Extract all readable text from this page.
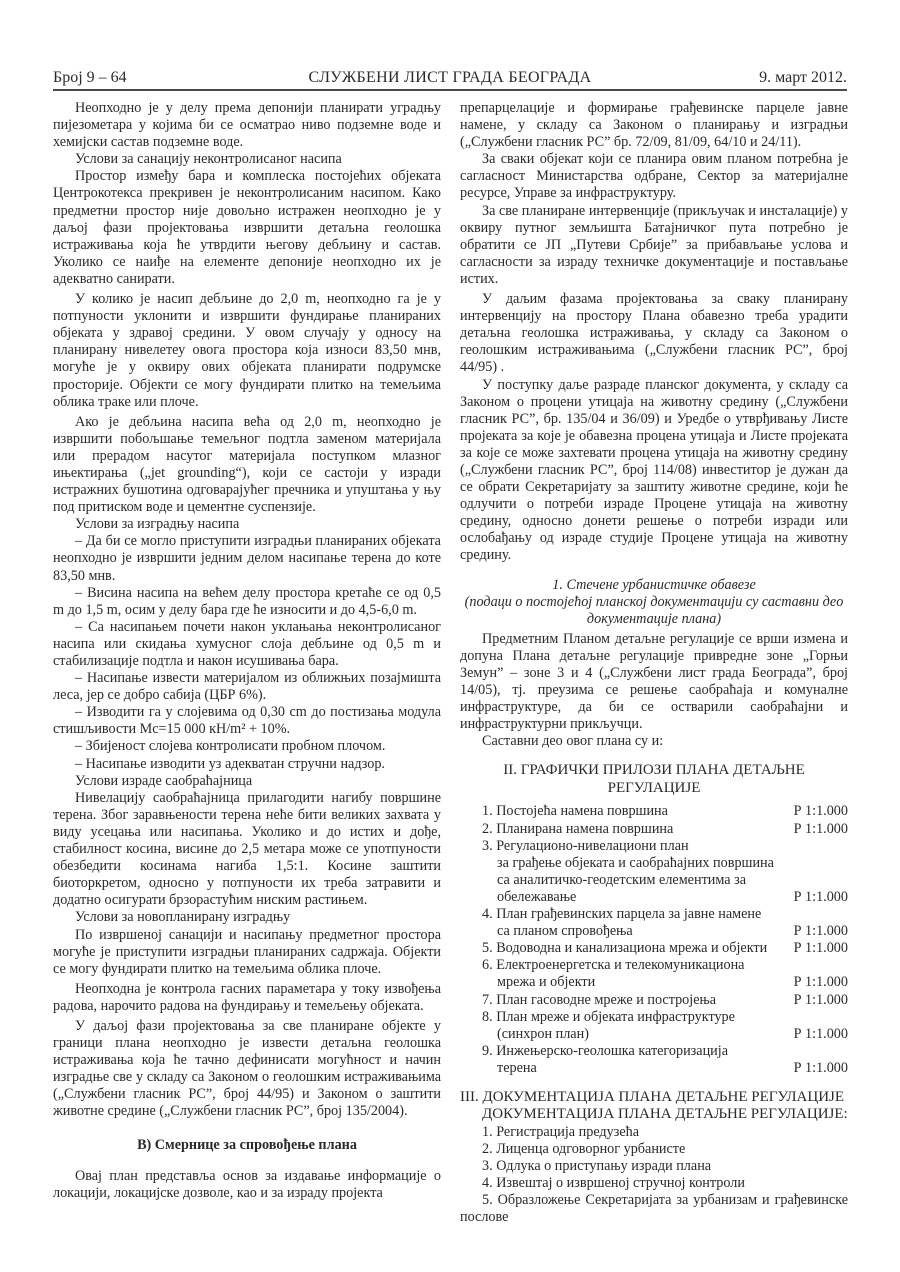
Број 9 – 64	СЛУЖБЕНИ ЛИСТ ГРАДА БЕОГРАДА	9. март 2012.

Неопходно је у делу према депонији планирати уградњу пијезометара у којима би се осматрао ниво подземне воде и хемијски састав подземне воде.

Услови за санацију неконтролисаног насипа

Простор између бара и комплеска постојећих објеката Центрокотекса прекривен је неконтролисаним насипом. Како предметни простор није довољно истражен неопходно је у даљој фази пројектовања извршити детаљна геолошка истраживања која ће утврдити његову дебљину и састав. Уколико се наиђе на елементе депоније неопходно их је адекватно санирати.

У колико је насип дебљине до 2,0 m, неопходно га је у потпуности уклонити и извршити фундирање планираних објеката у здравој средини. У овом случају у односу на планирану нивелетеу овога простора која износи 83,50 мнв, могуће је у оквиру ових објеката планирати подрумске просторије. Објекти се могу фундирати плитко на темељима облика траке или плоче.

Ако је дебљина насипа већа од 2,0 m, неопходно је извршити побољшање темељног подтла заменом материјала или прерадом насутог материјала поступком млазног ињектирања („jet grounding“), који се састоји у изради истражних бушотина одговарајућег пречника и упуштања у њу под притиском воде и цементне суспензије.

Услови за изградњу насипа

– Да би се могло приступити изградњи планираних објеката неопходно је извршити једним делом насипање терена до коте 83,50 мнв.

– Висина насипа на већем делу простора кретаће се од 0,5 m до 1,5 m, осим у делу бара где ће износити и до 4,5-6,0 m.

– Са насипањем почети након уклањања неконтролисаног насипа или скидања хумусног слоја дебљине од 0,5 m и стабилизације подтла и након исушивања бара.

– Насипање извести материјалом из оближњих позајмишта леса, јер се добро сабија (ЦБР 6%).

– Изводити га у слојевима од 0,30 cm до постизања модула стишљивости Mc=15 000 кН/m² + 10%.

– Збијеност слојева контролисати пробном плочом.

– Насипање изводити уз адекватан стручни надзор.

Услови израде саобраћајница

Нивелацију саобраћајница прилагодити нагибу површине терена. Због заравњености терена неће бити великих захвата у виду усецања или насипања. Уколико и до истих и дође, стабилност косина, висине до 2,5 метара може се употпуности обезбедити косинама нагиба 1,5:1. Косине заштити биоторкретом, односно у потпуности их треба затравити и додатно осигурати брзорастућим ниским растињем.

Услови за новопланирану изградњу

По извршеној санацији и насипању предметног простора могуће је приступити изградњи планираних садржаја. Објекти се могу фундирати плитко на темељима облика плоче.

Неопходна је контрола гасних параметара у току извођења радова, нарочито радова на фундирању и темељењу објеката.

У даљој фази пројектовања за све планиране објекте у граници плана неопходно је извести детаљна геолошка истраживања која ће тачно дефинисати могућност и начин изградње све у складу са Законом о геолошким истраживањима („Службени гласник РС”, број 44/95) и Законом о заштити животне средине („Службени гласник РС”, број 135/2004).

В) Смернице за спровођење плана

Овај план представља основ за издавање информације о локацији, локацијске дозволе, као и за израду пројекта

препарцелације и формирање грађевинске парцеле јавне намене, у складу са Законом о планирању и изградњи („Службени гласник РС” бр. 72/09, 81/09, 64/10 и 24/11).

За сваки објекат који се планира овим планом потребна је сагласност Министарства одбране, Сектор за материјалне ресурсе, Управе за инфраструктуру.

За све планиране интервенције (прикључак и инсталације) у оквиру путног земљишта Батајничког пута потребно је обратити се ЈП „Путеви Србије” за прибављање услова и сагласности за израду техничке документације и постављање истих.

У даљим фазама пројектовања за сваку планирану интервенцију на простору Плана обавезно треба урадити детаљна геолошка истраживања, у складу са Законом о геолошким истраживањима („Службени гласник РС”, број 44/95) .

У поступку даље разраде планског документа, у складу са Законом о процени утицаја на животну средину („Службени гласник РС”, бр. 135/04 и 36/09) и Уредбе о утврђивању Листе пројеката за које је обавезна процена утицаја и Листе пројеката за које се може захтевати процена утицаја на животну средину („Службени гласник РС”, број 114/08) инвеститор је дужан да се обрати Секретаријату за заштиту животне средине, који ће одлучити о потреби израде Процене утицаја на животну средину, односно донети решење о потреби изради или ослобађању од израде студије Процене утицаја на животну средину.

1. Стечене урбанистичке обавезе

(подаци о постојећој планској документацији су саставни деo документације плана)

Предметним Планом детаљне регулације се врши измена и допуна Плана детаљне регулације привредне зоне „Горњи Земун” – зоне 3 и 4 („Службени лист града Београда”, број 14/05), тј. преузима се решење саобраћаја и комуналне инфраструктуре, да би се остварили саобраћајни и инфраструктурни прикључци.

Саставни део овог плана су и:

II. ГРАФИЧКИ ПРИЛОЗИ ПЛАНА ДЕТАЉНЕ РЕГУЛАЦИЈЕ

1. Постојећа намена површина	Р 1:1.000
2. Планирана намена површина	Р 1:1.000
3. Регулационо-нивелациони план
за грађење објеката и саобраћајних површина са аналитичко-геодетским елементима за обележавање	Р 1:1.000
4. План грађевинских парцела за јавне намене
са планом спровођења	Р 1:1.000
5. Водоводна и канализациона мрежа и објекти Р 1:1.000
6. Електроенергетска и телекомуникациона
мрежа и објекти	Р 1:1.000
7. План гасоводне мреже и постројења	Р 1:1.000
8. План мреже и објеката инфраструктуре
(синхрон план)	Р 1:1.000
9. Инжењерско-геолошка категоризација
терена	Р 1:1.000

III. ДОКУМЕНТАЦИЈА ПЛАНА ДЕТАЉНЕ РЕГУЛАЦИЈЕ

ДОКУМЕНТАЦИЈА ПЛАНА ДЕТАЉНЕ РЕГУЛАЦИЈЕ:

1. Регистрација предузећа

2. Лиценца одговорног урбанисте

3. Одлука о приступању изради плана

4. Извештај о извршеној стручној контроли

5. Образложење Секретаријата за урбанизам и грађевинске послове
